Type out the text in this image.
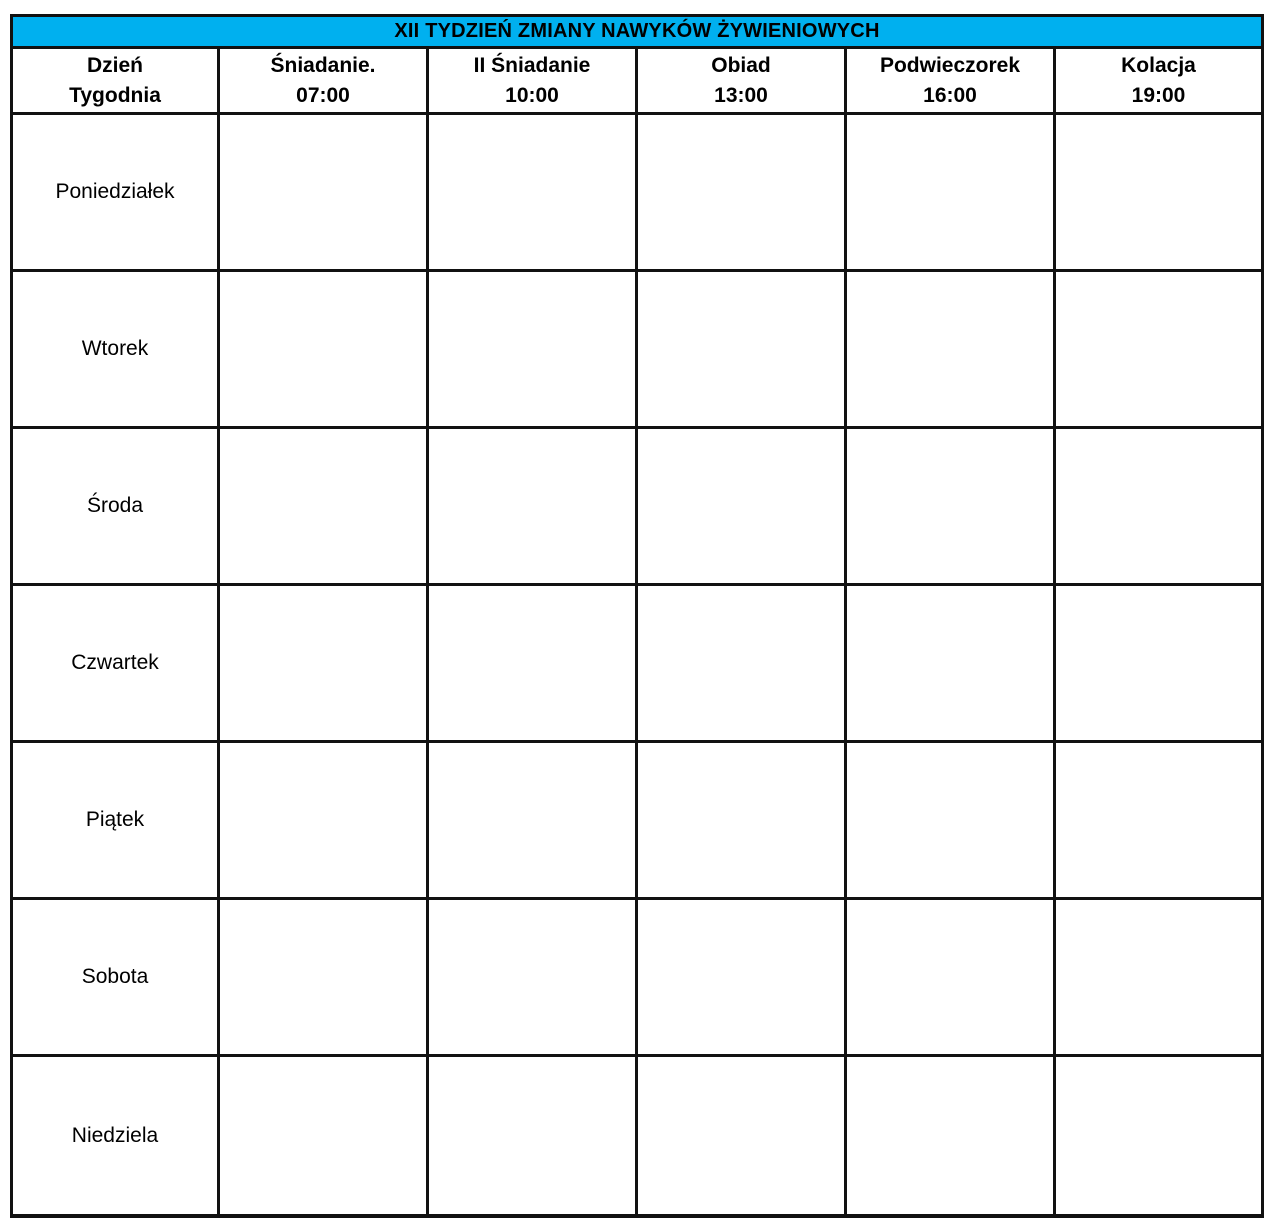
XII TYDZIEŃ ZMIANY NAWYKÓW ŻYWIENIOWYCH
Dzień
Tygodnia
Śniadanie.
07:00
II Śniadanie
10:00
Obiad
13:00
Podwieczorek
16:00
Kolacja
19:00
Poniedziałek
Wtorek
Środa
Czwartek
Piątek
Sobota
Niedziela
